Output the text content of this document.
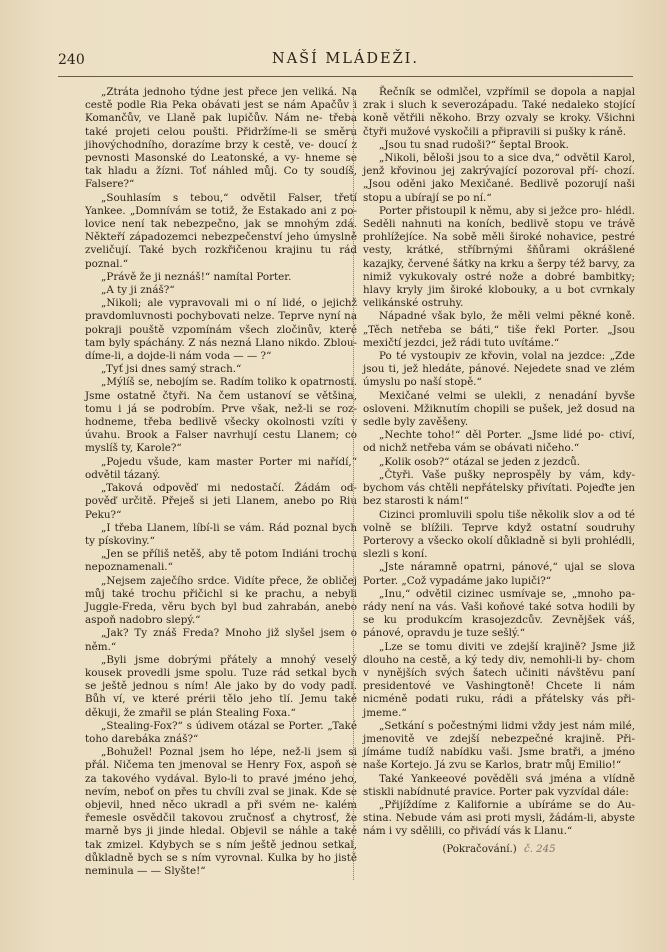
240	NAŠÍ MLÁDEŽI.

„Ztráta jednoho týdne jest přece jen veliká. Na cestě podle Ria Peka obávati jest se nám Apačův i Komančův, ve Llaně pak lupičův. Nám ne- třeba také projeti celou poušti. Přidržíme-li se směru jihovýchodního, dorazíme brzy k cestě, ve- doucí z pevnosti Masonské do Leatonské, a vy- hneme se tak hladu a žízni. Toť náhled můj. Co ty soudíš, Falsere?“

„Souhlasím s tebou,“ odvětil Falser, třetí Yankee. „Domnívám se totiž, že Estakado ani z po- lovice není tak nebezpečno, jak se mnohým zdá. Někteří západozemci nebezpečenství jeho úmyslně zveličují. Také bych rozkřičenou krajinu tu rád poznal.“

„Právě že ji neznáš!“ namítal Porter.

„A ty ji znáš?“

„Nikoli; ale vypravovali mi o ní lidé, o jejichž pravdomluvnosti pochybovati nelze. Teprve nyní na pokraji pouště vzpomínám všech zločinův, které tam byly spáchány. Z nás nezná Llano nikdo. Zblou- díme-li, a dojde-li nám voda — — ?“

„Tyť jsi dnes samý strach.“

„Mýlíš se, nebojím se. Radím toliko k opatrnosti. Jsme ostatně čtyři. Na čem ustanoví se většina, tomu i já se podrobím. Prve však, než-li se roz- hodneme, třeba bedlivě všecky okolnosti vzíti v úvahu. Brook a Falser navrhují cestu Llanem; co myslíš ty, Karole?“

„Pojedu všude, kam master Porter mi nařídí,“ odvětil tázaný.

„Taková odpověď mi nedostačí. Žádám od- pověď určitě. Přeješ si jeti Llanem, anebo po Riu Peku?“

„I třeba Llanem, líbí-li se vám. Rád poznal bych ty pískoviny.“

„Jen se příliš netěš, aby tě potom Indiáni trochu nepoznamenali.“

„Nejsem zaječího srdce. Vidíte přece, že obličej můj také trochu přičichl si ke prachu, a nebyli Juggle-Freda, věru bych byl bud zahrabán, anebo aspoň nadobro slepý.“

„Jak? Ty znáš Freda? Mnoho již slyšel jsem o něm.“

„Byli jsme dobrými přátely a mnohý veselý kousek provedli jsme spolu. Tuze rád setkal bych se ještě jednou s ním! Ale jako by do vody padl. Bůh ví, ve které prérii tělo jeho tlí. Jemu také děkuji, že zmařil se plán Stealing Foxa.“

„Stealing-Fox?“ s údivem otázal se Porter. „Také toho darebáka znáš?“

„Bohužel! Poznal jsem ho lépe, než-li jsem si přál. Ničema ten jmenoval se Henry Fox, aspoň se za takového vydával. Bylo-li to pravé jméno jeho, nevím, neboť on přes tu chvíli zval se jinak. Kde se objevil, hned něco ukradl a při svém ne- kalém řemesle osvědčil takovou zručnosť a chytrosť, že marně bys ji jinde hledal. Objevil se náhle a také tak zmizel. Kdybych se s ním ještě jednou setkal, důkladně bych se s ním vyrovnal. Kulka by ho jistě neminula — — Slyšte!“

Řečník se odmlčel, vzpřímil se dopola a napjal zrak i sluch k severozápadu. Také nedaleko stojící koně větřili někoho. Brzy ozvaly se kroky. Všichni čtyři mužové vyskočili a připravili si pušky k ráně.

„Jsou tu snad rudoši?“ šeptal Brook.

„Nikoli, běloši jsou to a sice dva,“ odvětil Karol, jenž křovinou jej zakrývající pozoroval pří- chozí. „Jsou oděni jako Mexičané. Bedlivě pozorují naši stopu a ubírají se po ní.“

Porter přistoupil k němu, aby si ježce pro- hlédl. Seděli nahnuti na koních, bedlivě stopu ve trávě prohlížejíce. Na sobě měli široké nohavice, pestré vesty, krátké, stříbrnými šňůrami okrášlené kazajky, červené šátky na krku a šerpy též barvy, za nimiž vykukovaly ostré nože a dobré bambitky; hlavy kryly jim široké klobouky, a u bot cvrnkaly velikánské ostruhy.

Nápadné však bylo, že měli velmi pěkné koně. „Těch netřeba se báti,“ tiše řekl Porter. „Jsou mexičtí jezdci, jež rádi tuto uvítáme.“

Po té vystoupiv ze křovin, volal na jezdce: „Zde jsou ti, jež hledáte, pánové. Nejedete snad ve zlém úmyslu po naší stopě.“

Mexičané velmi se ulekli, z nenadání byvše osloveni. Mžiknutím chopili se pušek, jež dosud na sedle byly zavěšeny.

„Nechte toho!“ děl Porter. „Jsme lidé po- ctiví, od nichž netřeba vám se obávati ničeho.“

„Kolik osob?“ otázal se jeden z jezdců.

„Čtyři. Vaše pušky neprospěly by vám, kdy- bychom vás chtěli nepřátelsky přivítati. Pojeďte jen bez starosti k nám!“

Cizinci promluvili spolu tiše několik slov a od té volně se blížili. Teprve když ostatní soudruhy Porterovy a všecko okolí důkladně si byli prohlédli, slezli s koní.

„Jste náramně opatrni, pánové,“ ujal se slova Porter. „Což vypadáme jako lupiči?“

„Inu,“ odvětil cizinec usmívaje se, „mnoho pa- rády není na vás. Vaši koňové také sotva hodili by se ku produkcím krasojezdcův. Zevnějšek váš, pánové, opravdu je tuze sešlý.“

„Lze se tomu diviti ve zdejší krajině? Jsme již dlouho na cestě, a ký tedy div, nemohli-li by- chom v nynějších svých šatech učiniti návštěvu paní presidentové ve Vashingtoně! Chcete li nám nicméně podati ruku, rádi a přátelsky vás při- jmeme.“

„Setkání s počestnými lidmi vždy jest nám milé, jmenovitě ve zdejší nebezpečné krajině. Při- jímáme tudíž nabídku vaši. Jsme bratři, a jméno naše Kortejo. Já zvu se Karlos, bratr můj Emilio!“

Také Yankeeové pověděli svá jména a vlídně stiskli nabídnuté pravice. Porter pak vyzvídal dále:

„Přijíždíme z Kalifornie a ubíráme se do Au- stina. Nebude vám asi proti mysli, žádám-li, abyste nám i vy sdělili, co přivádí vás k Llanu.“

(Pokračování.) č. 245
